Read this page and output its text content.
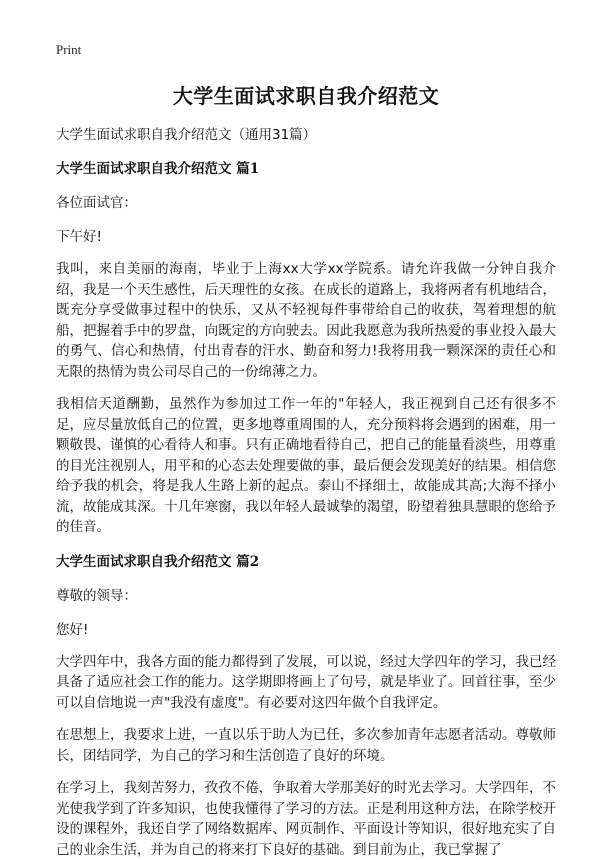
Print
大学生面试求职自我介绍范文
大学生面试求职自我介绍范文（通用31篇）
大学生面试求职自我介绍范文 篇1
各位面试官：
下午好!

我叫，来自美丽的海南，毕业于上海xx大学xx学院系。请允许我做一分钟自我介绍，我是一个天生感性，后天理性的女孩。在成长的道路上，我将两者有机地结合，既充分享受做事过程中的快乐，又从不轻视每件事带给自己的收获，驾着理想的航船，把握着手中的罗盘，向既定的方向驶去。因此我愿意为我所热爱的事业投入最大的勇气、信心和热情，付出青春的汗水、勤奋和努力!我将用我一颗深深的责任心和无限的热情为贵公司尽自己的一份绵薄之力。

我相信天道酬勤，虽然作为参加过工作一年的"年轻人，我正视到自己还有很多不足，应尽量放低自己的位置，更多地尊重周围的人，充分预料将会遇到的困难，用一颗敬畏、谨慎的心看待人和事。只有正确地看待自己，把自己的能量看淡些，用尊重的目光注视别人，用平和的心态去处理要做的事，最后便会发现美好的结果。相信您给予我的机会，将是我人生路上新的起点。泰山不择细土，故能成其高;大海不择小流，故能成其深。十几年寒窗，我以年轻人最诚挚的渴望，盼望着独具慧眼的您给予的佳音。

大学生面试求职自我介绍范文 篇2
尊敬的领导：
您好!

大学四年中，我各方面的能力都得到了发展，可以说，经过大学四年的学习，我已经具备了适应社会工作的能力。这学期即将画上了句号，就是毕业了。回首往事，至少可以自信地说一声"我没有虚度"。有必要对这四年做个自我评定。

在思想上，我要求上进，一直以乐于助人为已任，多次参加青年志愿者活动。尊敬师长，团结同学，为自己的学习和生活创造了良好的环境。

在学习上，我刻苦努力，孜孜不倦，争取着大学那美好的时光去学习。大学四年，不光使我学到了许多知识，也使我懂得了学习的方法。正是利用这种方法，在除学校开设的课程外，我还自学了网络数据库、网页制作、平面设计等知识，很好地充实了自己的业余生活，并为自己的将来打下良好的基础。到目前为止，我已掌握了
